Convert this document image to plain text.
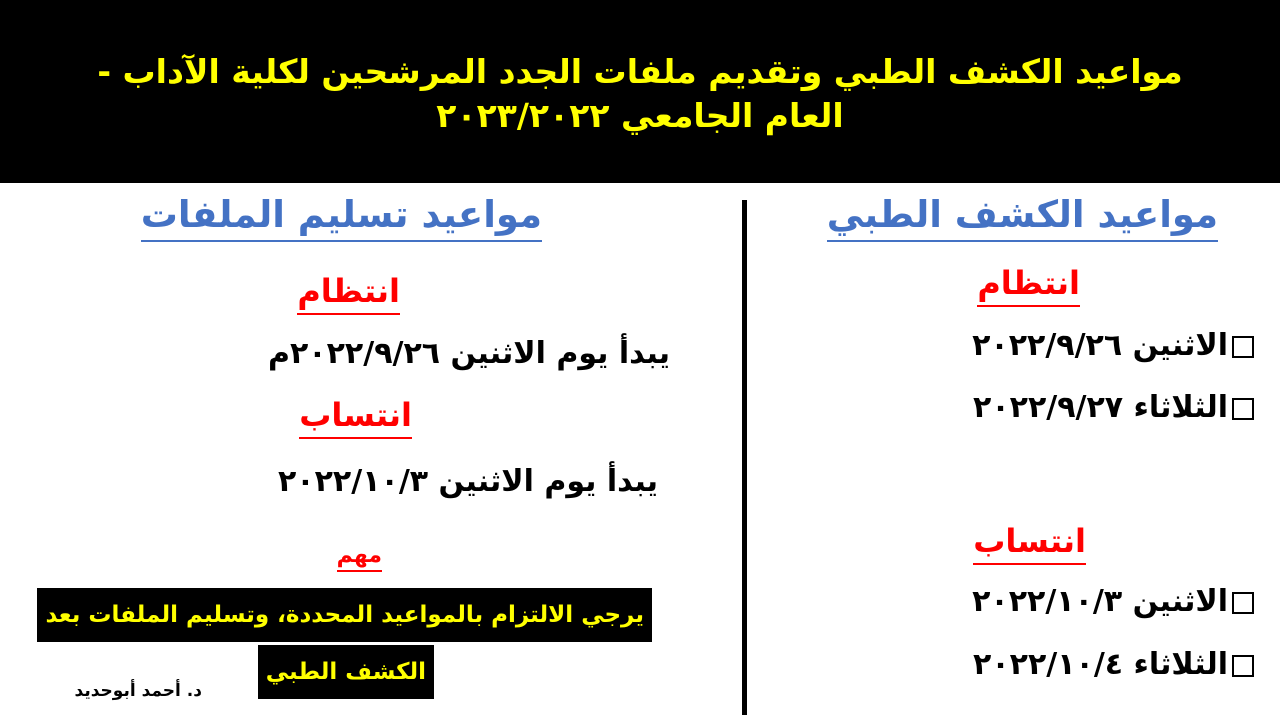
مواعيد الكشف الطبي وتقديم ملفات الجدد المرشحين لكلية الآداب - العام الجامعي ٢٠٢٣/٢٠٢٢
مواعيد الكشف الطبي
انتظام
الاثنين ٢٠٢٢/٩/٢٦
الثلاثاء ٢٠٢٢/٩/٢٧
انتساب
الاثنين ٢٠٢٢/١٠/٣
الثلاثاء ٢٠٢٢/١٠/٤
مواعيد تسليم الملفات
انتظام
يبدأ يوم الاثنين ٢٠٢٢/٩/٢٦م
انتساب
يبدأ يوم الاثنين ٢٠٢٢/١٠/٣
مهم
يرجي الالتزام بالمواعيد المحددة، وتسليم الملفات بعد
الكشف الطبي
د. أحمد أبوحديد
